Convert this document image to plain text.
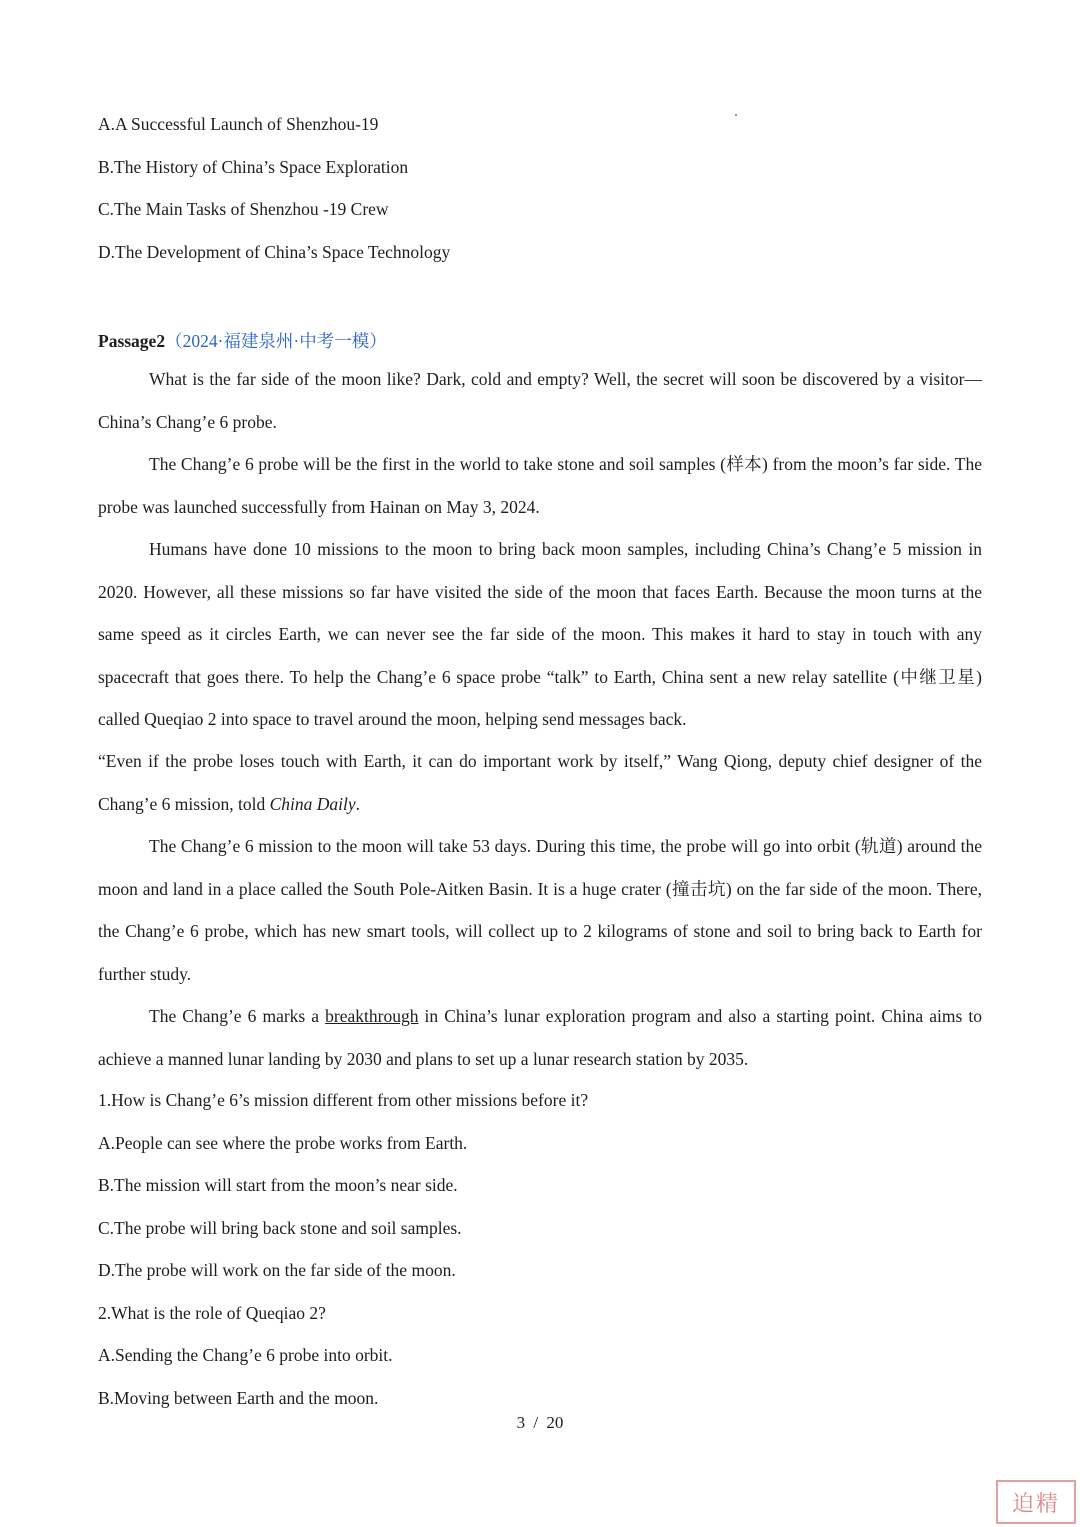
A.A Successful Launch of Shenzhou-19
B.The History of China’s Space Exploration
C.The Main Tasks of Shenzhou -19 Crew
D.The Development of China’s Space Technology
Passage2（2024·福建泉州·中考一模）

What is the far side of the moon like? Dark, cold and empty? Well, the secret will soon be discovered by a visitor—China’s Chang’e 6 probe.

The Chang’e 6 probe will be the first in the world to take stone and soil samples (样本) from the moon’s far side. The probe was launched successfully from Hainan on May 3, 2024.

Humans have done 10 missions to the moon to bring back moon samples, including China’s Chang’e 5 mission in 2020. However, all these missions so far have visited the side of the moon that faces Earth. Because the moon turns at the same speed as it circles Earth, we can never see the far side of the moon. This makes it hard to stay in touch with any spacecraft that goes there. To help the Chang’e 6 space probe “talk” to Earth, China sent a new relay satellite (中继卫星) called Queqiao 2 into space to travel around the moon, helping send messages back.

“Even if the probe loses touch with Earth, it can do important work by itself,” Wang Qiong, deputy chief designer of the Chang’e 6 mission, told China Daily.

The Chang’e 6 mission to the moon will take 53 days. During this time, the probe will go into orbit (轨道) around the moon and land in a place called the South Pole-Aitken Basin. It is a huge crater (撞击坑) on the far side of the moon. There, the Chang’e 6 probe, which has new smart tools, will collect up to 2 kilograms of stone and soil to bring back to Earth for further study.

The Chang’e 6 marks a breakthrough in China’s lunar exploration program and also a starting point. China aims to achieve a manned lunar landing by 2030 and plans to set up a lunar research station by 2035.

1.How is Chang’e 6’s mission different from other missions before it?
A.People can see where the probe works from Earth.
B.The mission will start from the moon’s near side.
C.The probe will bring back stone and soil samples.
D.The probe will work on the far side of the moon.
2.What is the role of Queqiao 2?
A.Sending the Chang’e 6 probe into orbit.
B.Moving between Earth and the moon.
3 / 20
迫精
